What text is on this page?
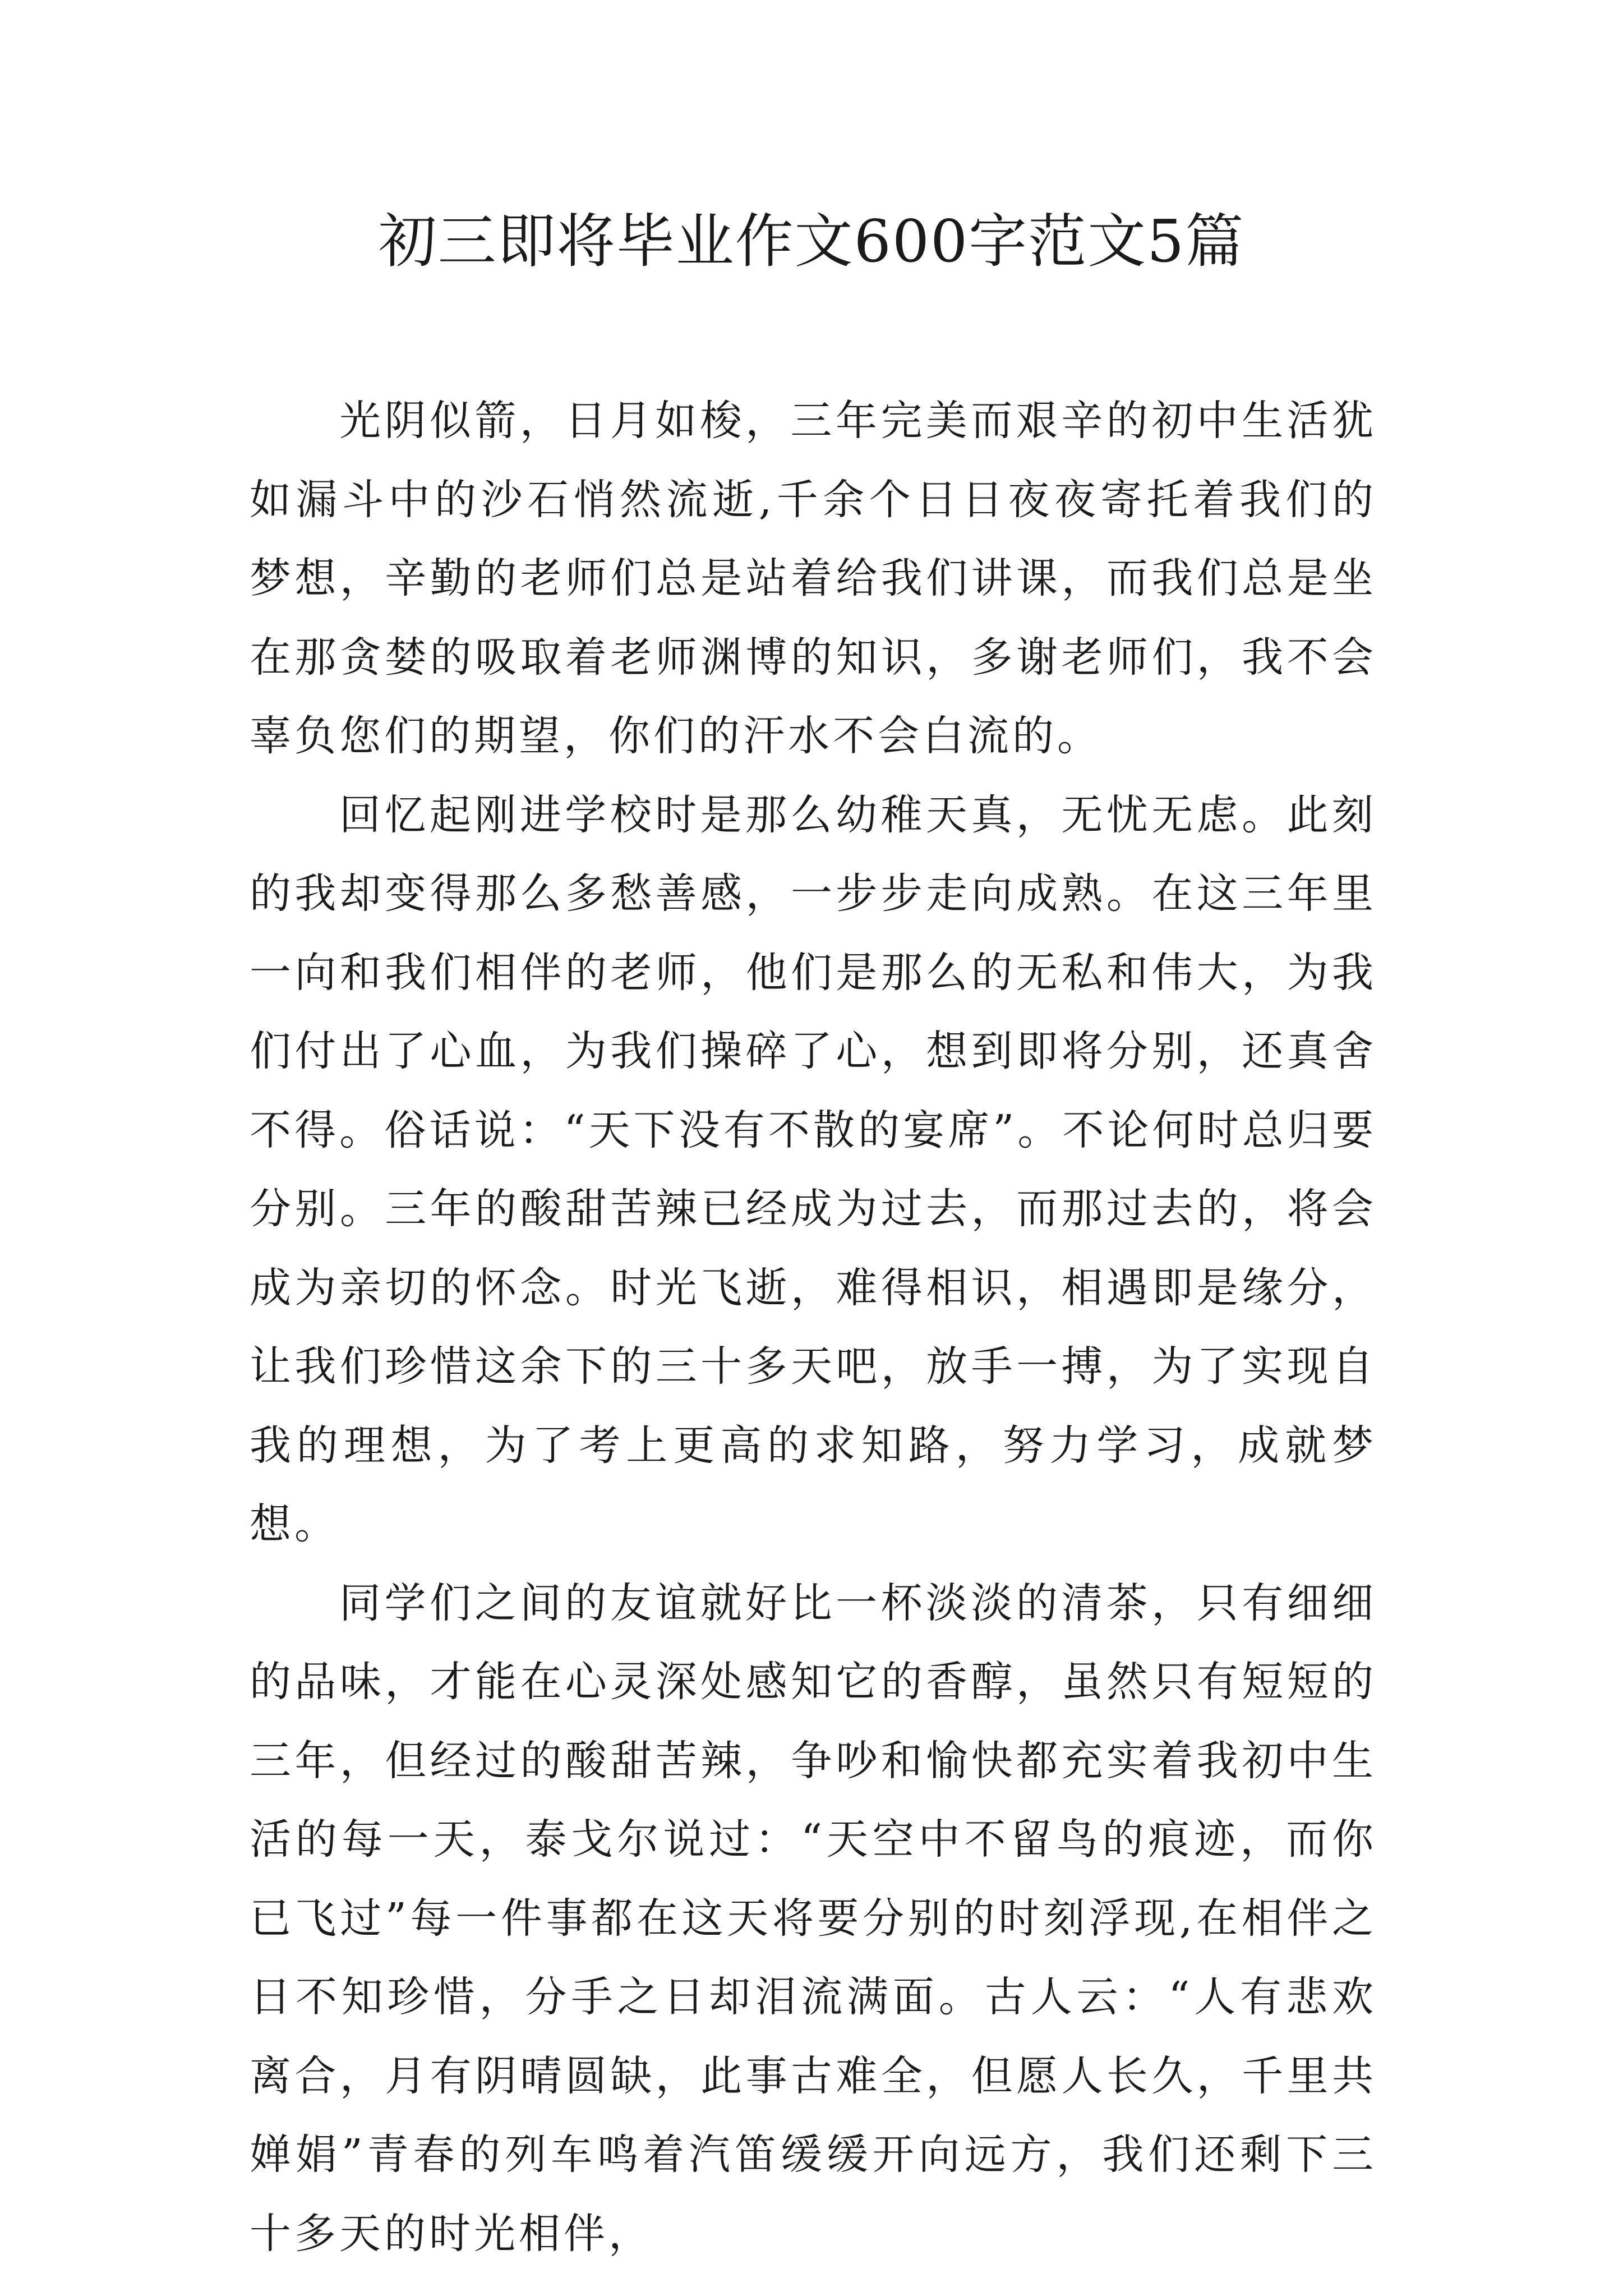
初三即将毕业作文600字范文5篇

光阴似箭，日月如梭，三年完美而艰辛的初中生活犹如漏斗中的沙石悄然流逝,千余个日日夜夜寄托着我们的梦想，辛勤的老师们总是站着给我们讲课，而我们总是坐在那贪婪的吸取着老师渊博的知识，多谢老师们，我不会辜负您们的期望，你们的汗水不会白流的。

回忆起刚进学校时是那么幼稚天真，无忧无虑。此刻的我却变得那么多愁善感，一步步走向成熟。在这三年里一向和我们相伴的老师，他们是那么的无私和伟大，为我们付出了心血，为我们操碎了心，想到即将分别，还真舍不得。俗话说：“天下没有不散的宴席”。不论何时总归要分别。三年的酸甜苦辣已经成为过去，而那过去的，将会成为亲切的怀念。时光飞逝，难得相识，相遇即是缘分，让我们珍惜这余下的三十多天吧，放手一搏，为了实现自我的理想，为了考上更高的求知路，努力学习，成就梦想。

同学们之间的友谊就好比一杯淡淡的清茶，只有细细的品味，才能在心灵深处感知它的香醇，虽然只有短短的三年，但经过的酸甜苦辣，争吵和愉快都充实着我初中生活的每一天，泰戈尔说过：“天空中不留鸟的痕迹，而你已飞过”每一件事都在这天将要分别的时刻浮现,在相伴之日不知珍惜，分手之日却泪流满面。古人云：“人有悲欢离合，月有阴晴圆缺，此事古难全，但愿人长久，千里共婵娟”青春的列车鸣着汽笛缓缓开向远方，我们还剩下三十多天的时光相伴，
